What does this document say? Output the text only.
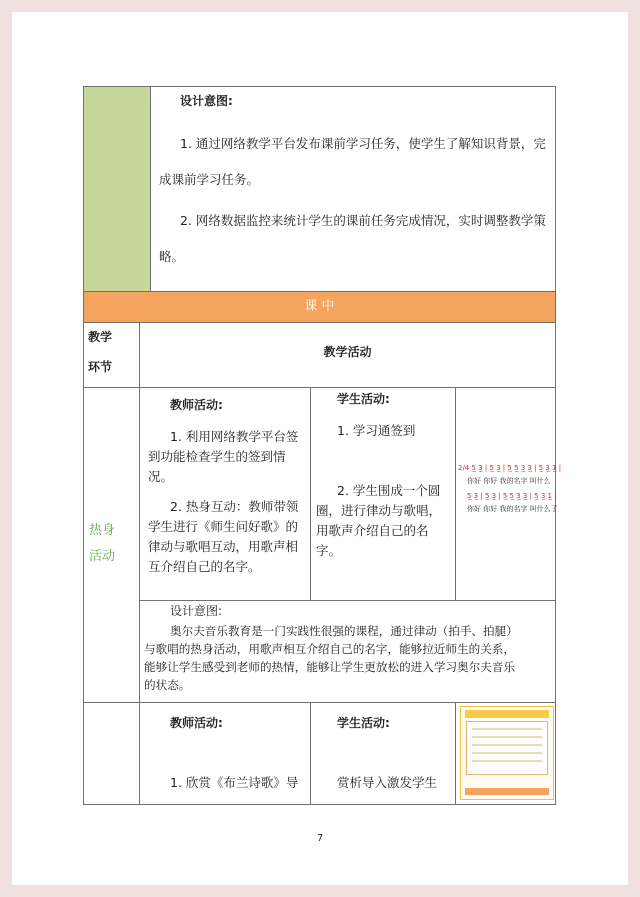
设计意图:
1. 通过网络教学平台发布课前学习任务，使学生了解知识背景，完
成课前学习任务。
2. 网络数据监控来统计学生的课前任务完成情况，实时调整教学策
略。
课 中
教学
环节
教学活动
热身
活动
教师活动:
1. 利用网络教学平台签
到功能检查学生的签到情
况。
2. 热身互动：教师带领
学生进行《师生问好歌》的
律动与歌唱互动，用歌声相
互介绍自己的名字。
学生活动:
1. 学习通签到
2. 学生围成一个圆
圈，进行律动与歌唱，
用歌声介绍自己的名
字。
2/4 5̲ 3̲ | 5̲ 3̲ | 5̲ 5̲ 3̲ 3̲ | 5̲ 3̲ 1̲ |
你好 你好 我的名字 叫什么
5̲ 3̲ | 5̲ 3̲ | 5̲ 5̲ 3̲ 3̲ | 5̲ 3̲ 1̲ |
你好 你好 我的名字 叫什么了
设计意图:
奥尔夫音乐教育是一门实践性很强的课程，通过律动（拍手、拍腿）
与歌唱的热身活动，用歌声相互介绍自己的名字，能够拉近师生的关系，
能够让学生感受到老师的热情，能够让学生更放松的进入学习奥尔夫音乐
的状态。
教师活动:
1. 欣赏《布兰诗歌》导
学生活动:
赏析导入激发学生
7
